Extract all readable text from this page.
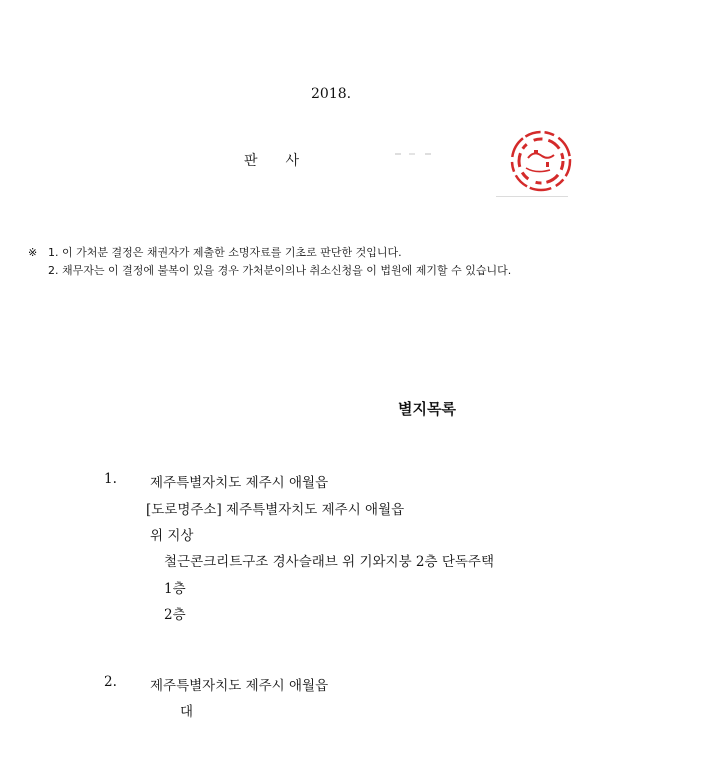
2018.
판 사
※ 1. 이 가처분 결정은 채권자가 제출한 소명자료를 기초로 판단한 것입니다.
2. 채무자는 이 결정에 불복이 있을 경우 가처분이의나 취소신청을 이 법원에 제기할 수 있습니다.
별지목록
1. 제주특별자치도 제주시 애월읍
[도로명주소] 제주특별자치도 제주시 애월읍
위 지상
철근콘크리트구조 경사슬래브 위 기와지붕 2층 단독주택
1층
2층
2. 제주특별자치도 제주시 애월읍
대
